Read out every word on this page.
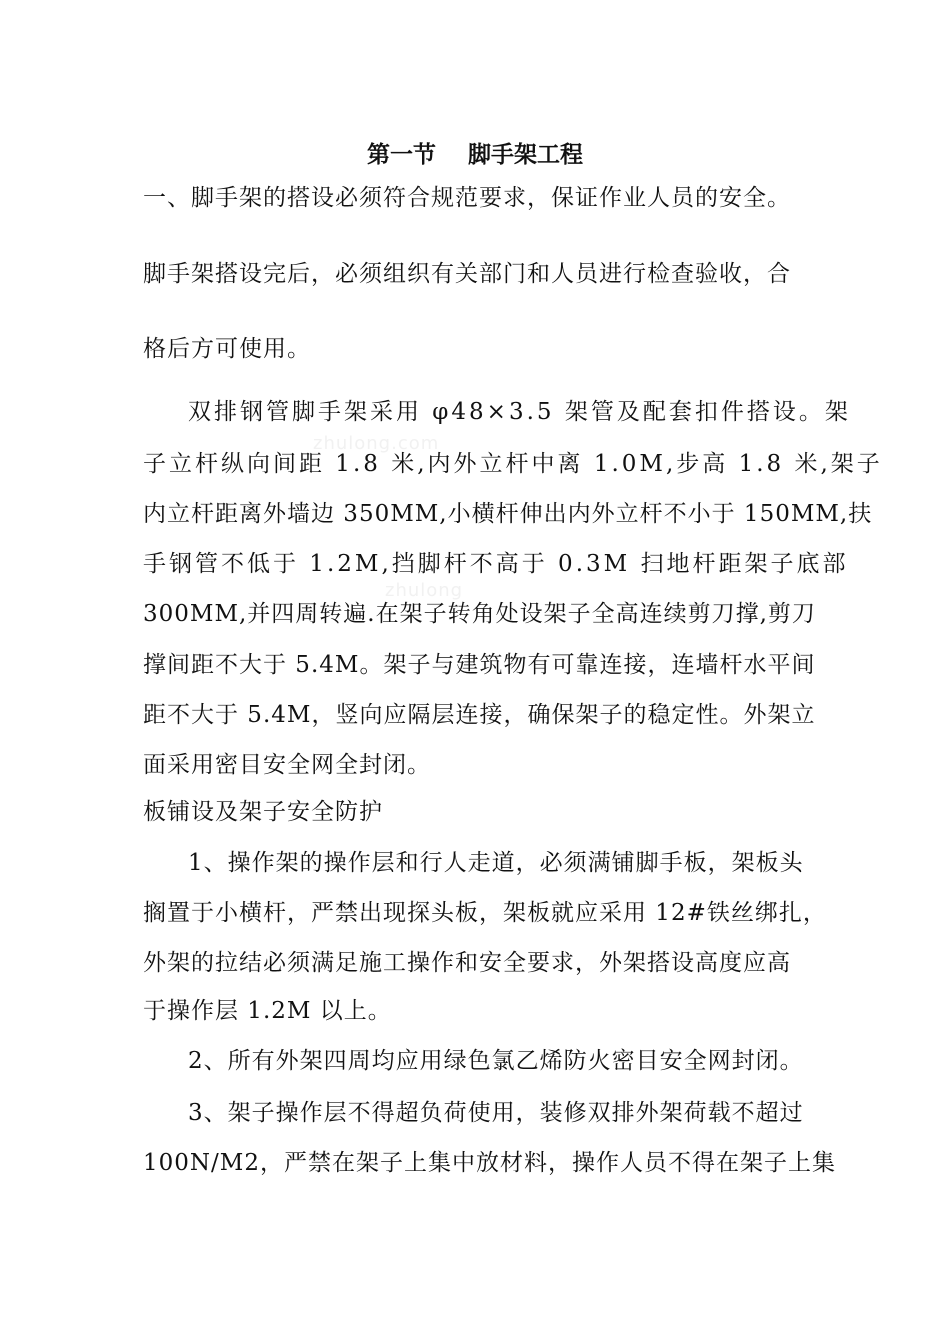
第一节    脚手架工程
一、脚手架的搭设必须符合规范要求，保证作业人员的安全。
脚手架搭设完后，必须组织有关部门和人员进行检查验收，合
格后方可使用。
双排钢管脚手架采用 φ48×3.5 架管及配套扣件搭设。架
子立杆纵向间距 1.8 米,内外立杆中离 1.0M,步高 1.8 米,架子
内立杆距离外墙边 350MM,小横杆伸出内外立杆不小于 150MM,扶
手钢管不低于 1.2M,挡脚杆不高于 0.3M 扫地杆距架子底部
300MM,并四周转遍.在架子转角处设架子全高连续剪刀撑,剪刀
撑间距不大于 5.4M。架子与建筑物有可靠连接，连墙杆水平间
距不大于 5.4M，竖向应隔层连接，确保架子的稳定性。外架立
面采用密目安全网全封闭。
板铺设及架子安全防护
1、操作架的操作层和行人走道，必须满铺脚手板，架板头
搁置于小横杆，严禁出现探头板，架板就应采用 12#铁丝绑扎，
外架的拉结必须满足施工操作和安全要求，外架搭设高度应高
于操作层 1.2M 以上。
2、所有外架四周均应用绿色氯乙烯防火密目安全网封闭。
3、架子操作层不得超负荷使用，装修双排外架荷载不超过
100N/M2，严禁在架子上集中放材料，操作人员不得在架子上集
zhulong.com
zhulong
